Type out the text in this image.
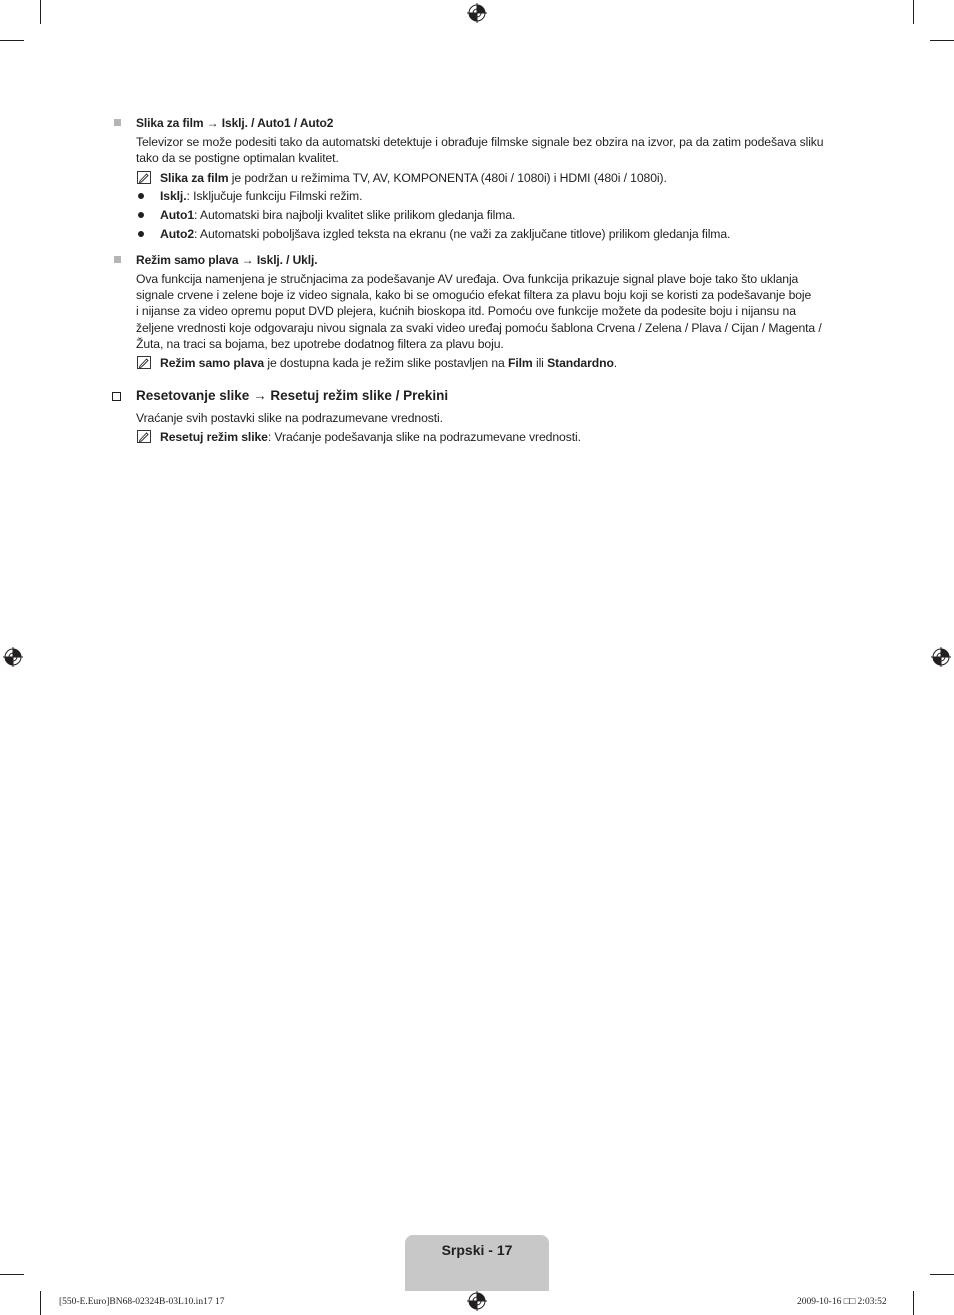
Slika za film → Isklj. / Auto1 / Auto2
Televizor se može podesiti tako da automatski detektuje i obrađuje filmske signale bez obzira na izvor, pa da zatim podešava sliku
tako da se postigne optimalan kvalitet.
Slika za film je podržan u režimima TV, AV, KOMPONENTA (480i / 1080i) i HDMI (480i / 1080i).
Isklj.: Isključuje funkciju Filmski režim.
Auto1: Automatski bira najbolji kvalitet slike prilikom gledanja filma.
Auto2: Automatski poboljšava izgled teksta na ekranu (ne važi za zaključane titlove) prilikom gledanja filma.
Režim samo plava → Isklj. / Uklj.
Ova funkcija namenjena je stručnjacima za podešavanje AV uređaja. Ova funkcija prikazuje signal plave boje tako što uklanja
signale crvene i zelene boje iz video signala, kako bi se omogućio efekat filtera za plavu boju koji se koristi za podešavanje boje
i nijanse za video opremu poput DVD plejera, kućnih bioskopa itd. Pomoću ove funkcije možete da podesite boju i nijansu na
željene vrednosti koje odgovaraju nivou signala za svaki video uređaj pomoću šablona Crvena / Zelena / Plava / Cijan / Magenta /
Žuta, na traci sa bojama, bez upotrebe dodatnog filtera za plavu boju.
Režim samo plava je dostupna kada je režim slike postavljen na Film ili Standardno.
Resetovanje slike → Resetuj režim slike / Prekini
Vraćanje svih postavki slike na podrazumevane vrednosti.
Resetuj režim slike: Vraćanje podešavanja slike na podrazumevane vrednosti.
Srpski - 17
[550-E.Euro]BN68-02324B-03L10.in17 17	2009-10-16 □□ 2:03:52
